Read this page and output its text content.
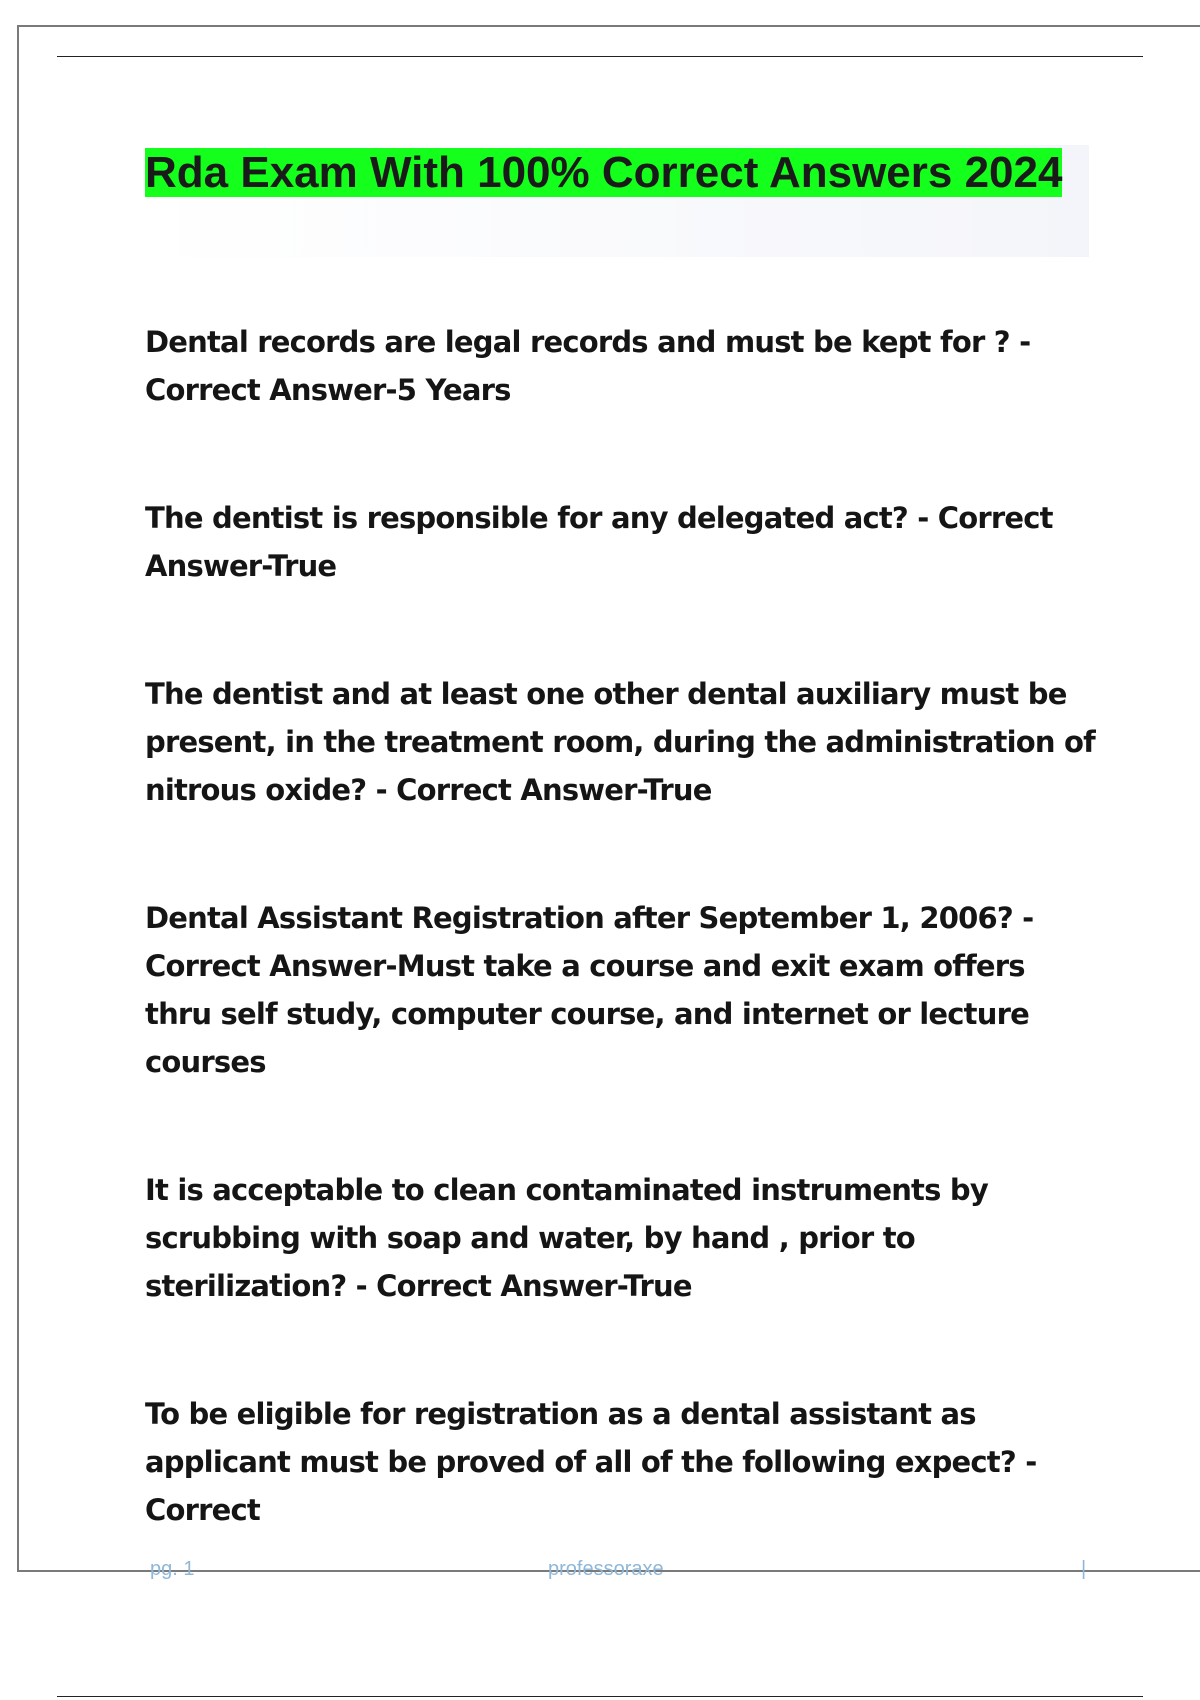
Rda Exam With 100% Correct Answers 2024

Dental records are legal records and must be kept for ? - Correct Answer-5 Years

The dentist is responsible for any delegated act? - Correct Answer-True

The dentist and at least one other dental auxiliary must be present, in the treatment room, during the administration of nitrous oxide? - Correct Answer-True

Dental Assistant Registration after September 1, 2006? - Correct Answer-Must take a course and exit exam offers thru self study, computer course, and internet or lecture courses

It is acceptable to clean contaminated instruments by scrubbing with soap and water, by hand , prior to sterilization? - Correct Answer-True

To be eligible for registration as a dental assistant as applicant must be proved of all of the following expect? - Correct

pg. 1	professoraxe	|
